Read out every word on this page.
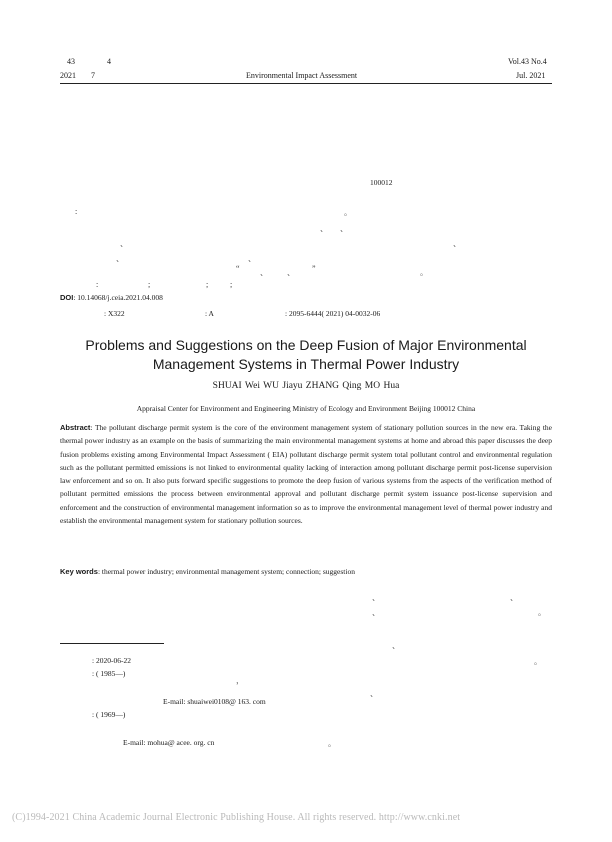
43	4
2021 7	Environmental Impact Assessment
Vol.43 No.4
Jul. 2021
100012
:	。
、 、
、	、
、	、
“	、 、 ”	。
:	;	;	;
DOI: 10.14068/j.ceia.2021.04.008
: X322	: A	: 2095-6444( 2021) 04-0032-06
Problems and Suggestions on the Deep Fusion of Major Environmental Management Systems in Thermal Power Industry
SHUAI Wei WU Jiayu ZHANG Qing MO Hua
Appraisal Center for Environment and Engineering Ministry of Ecology and Environment Beijing 100012 China
Abstract: The pollutant discharge permit system is the core of the environment management system of stationary pollution sources in the new era. Taking the thermal power industry as an example on the basis of summarizing the main environmental management systems at home and abroad this paper discusses the deep fusion problems existing among Environmental Impact Assessment ( EIA) pollutant discharge permit system total pollutant control and environmental regulation such as the pollutant permitted emissions is not linked to environmental quality lacking of interaction among pollutant discharge permit post-license supervision law enforcement and so on. It also puts forward specific suggestions to promote the deep fusion of various systems from the aspects of the verification method of pollutant permitted emissions the process between environmental approval and pollutant discharge permit system issuance post-license supervision and enforcement and the construction of environmental management information so as to improve the environmental management level of thermal power industry and establish the environmental management system for stationary pollution sources.
Key words: thermal power industry; environmental management system; connection; suggestion
、	、
、	。
、
: 2020-06-22	。
: ( 1985—)
，
、
E-mail: shuaiwei0108@ 163. com
: ( 1969—)
E-mail: mohua@ acee. org. cn	。
(C)1994-2021 China Academic Journal Electronic Publishing House. All rights reserved. http://www.cnki.net
